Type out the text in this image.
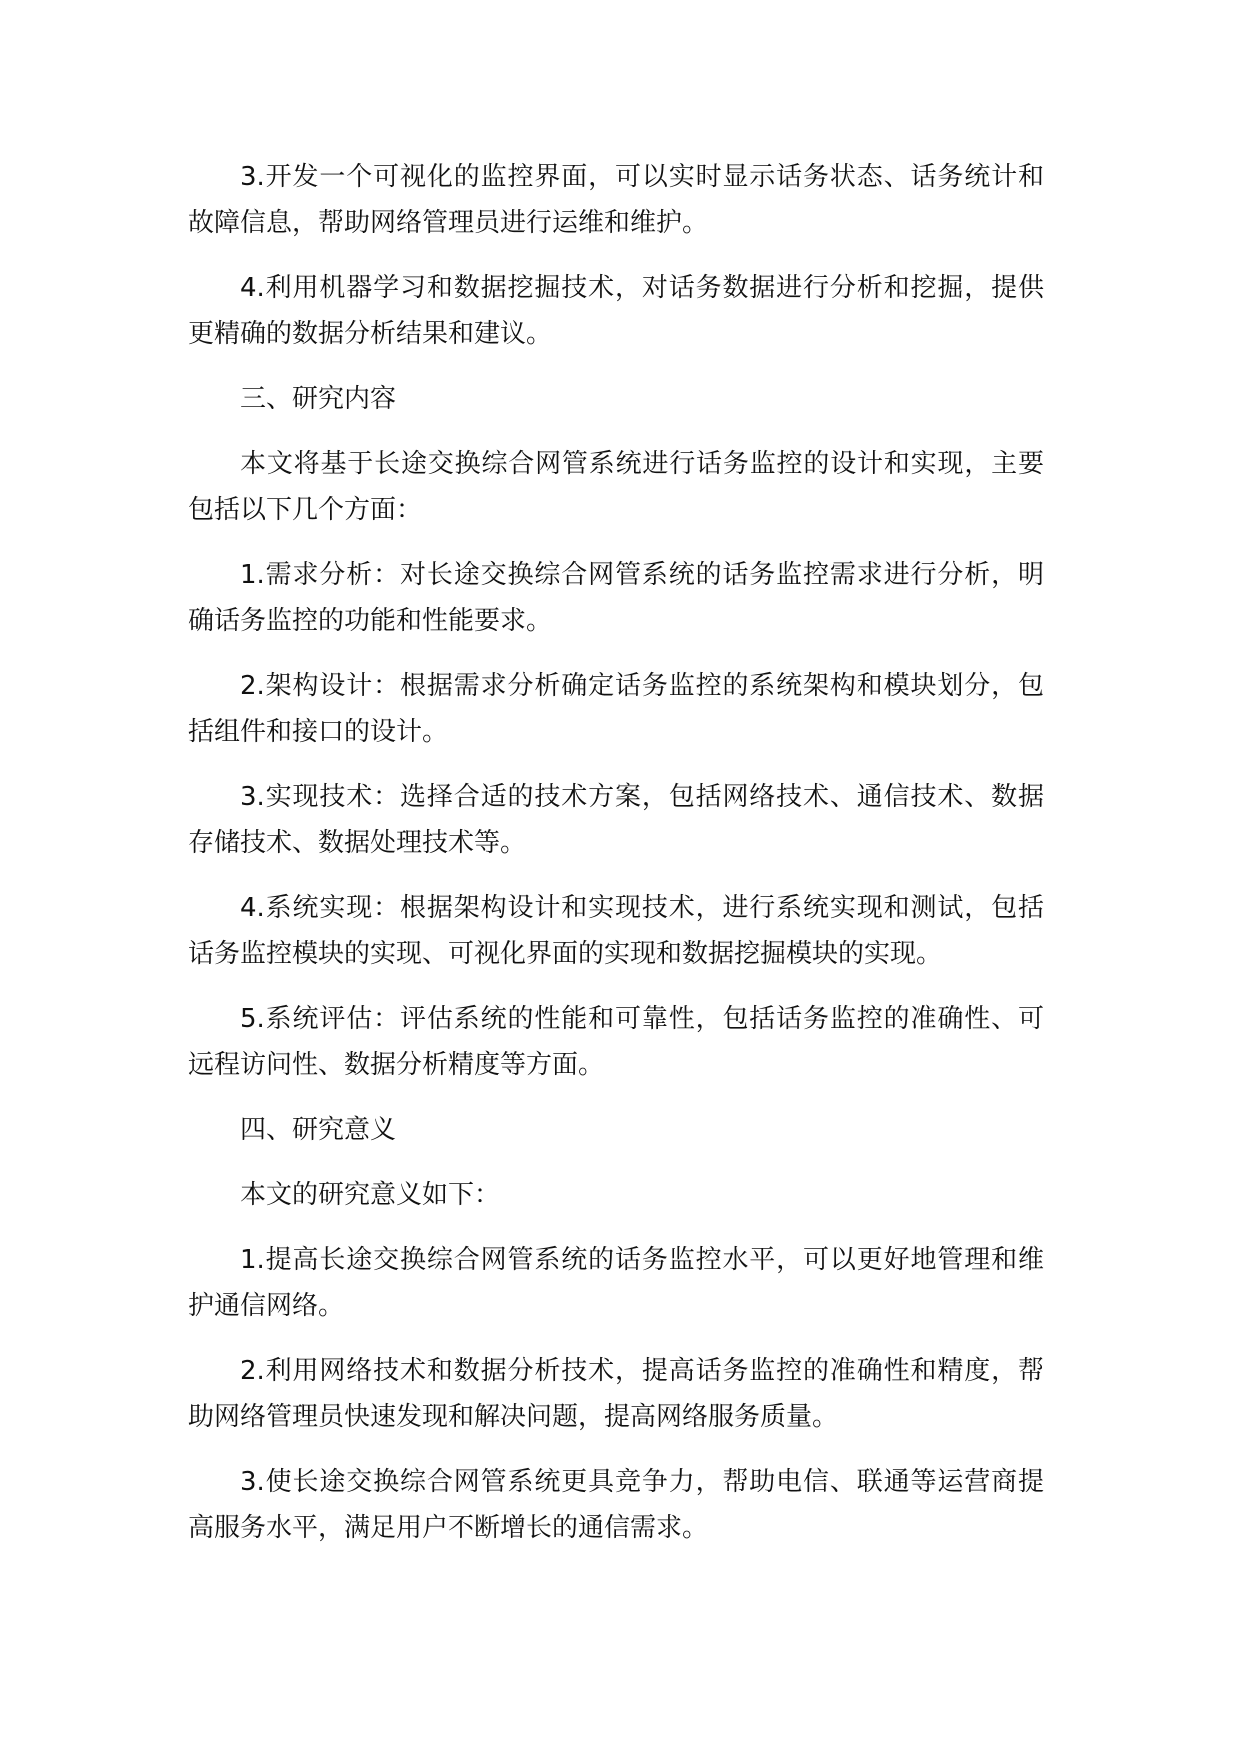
3.开发一个可视化的监控界面，可以实时显示话务状态、话务统计和故障信息，帮助网络管理员进行运维和维护。

4.利用机器学习和数据挖掘技术，对话务数据进行分析和挖掘，提供更精确的数据分析结果和建议。

三、研究内容

本文将基于长途交换综合网管系统进行话务监控的设计和实现，主要包括以下几个方面：

1.需求分析：对长途交换综合网管系统的话务监控需求进行分析，明确话务监控的功能和性能要求。

2.架构设计：根据需求分析确定话务监控的系统架构和模块划分，包括组件和接口的设计。

3.实现技术：选择合适的技术方案，包括网络技术、通信技术、数据存储技术、数据处理技术等。

4.系统实现：根据架构设计和实现技术，进行系统实现和测试，包括话务监控模块的实现、可视化界面的实现和数据挖掘模块的实现。

5.系统评估：评估系统的性能和可靠性，包括话务监控的准确性、可远程访问性、数据分析精度等方面。

四、研究意义

本文的研究意义如下：

1.提高长途交换综合网管系统的话务监控水平，可以更好地管理和维护通信网络。

2.利用网络技术和数据分析技术，提高话务监控的准确性和精度，帮助网络管理员快速发现和解决问题，提高网络服务质量。

3.使长途交换综合网管系统更具竞争力，帮助电信、联通等运营商提高服务水平，满足用户不断增长的通信需求。
